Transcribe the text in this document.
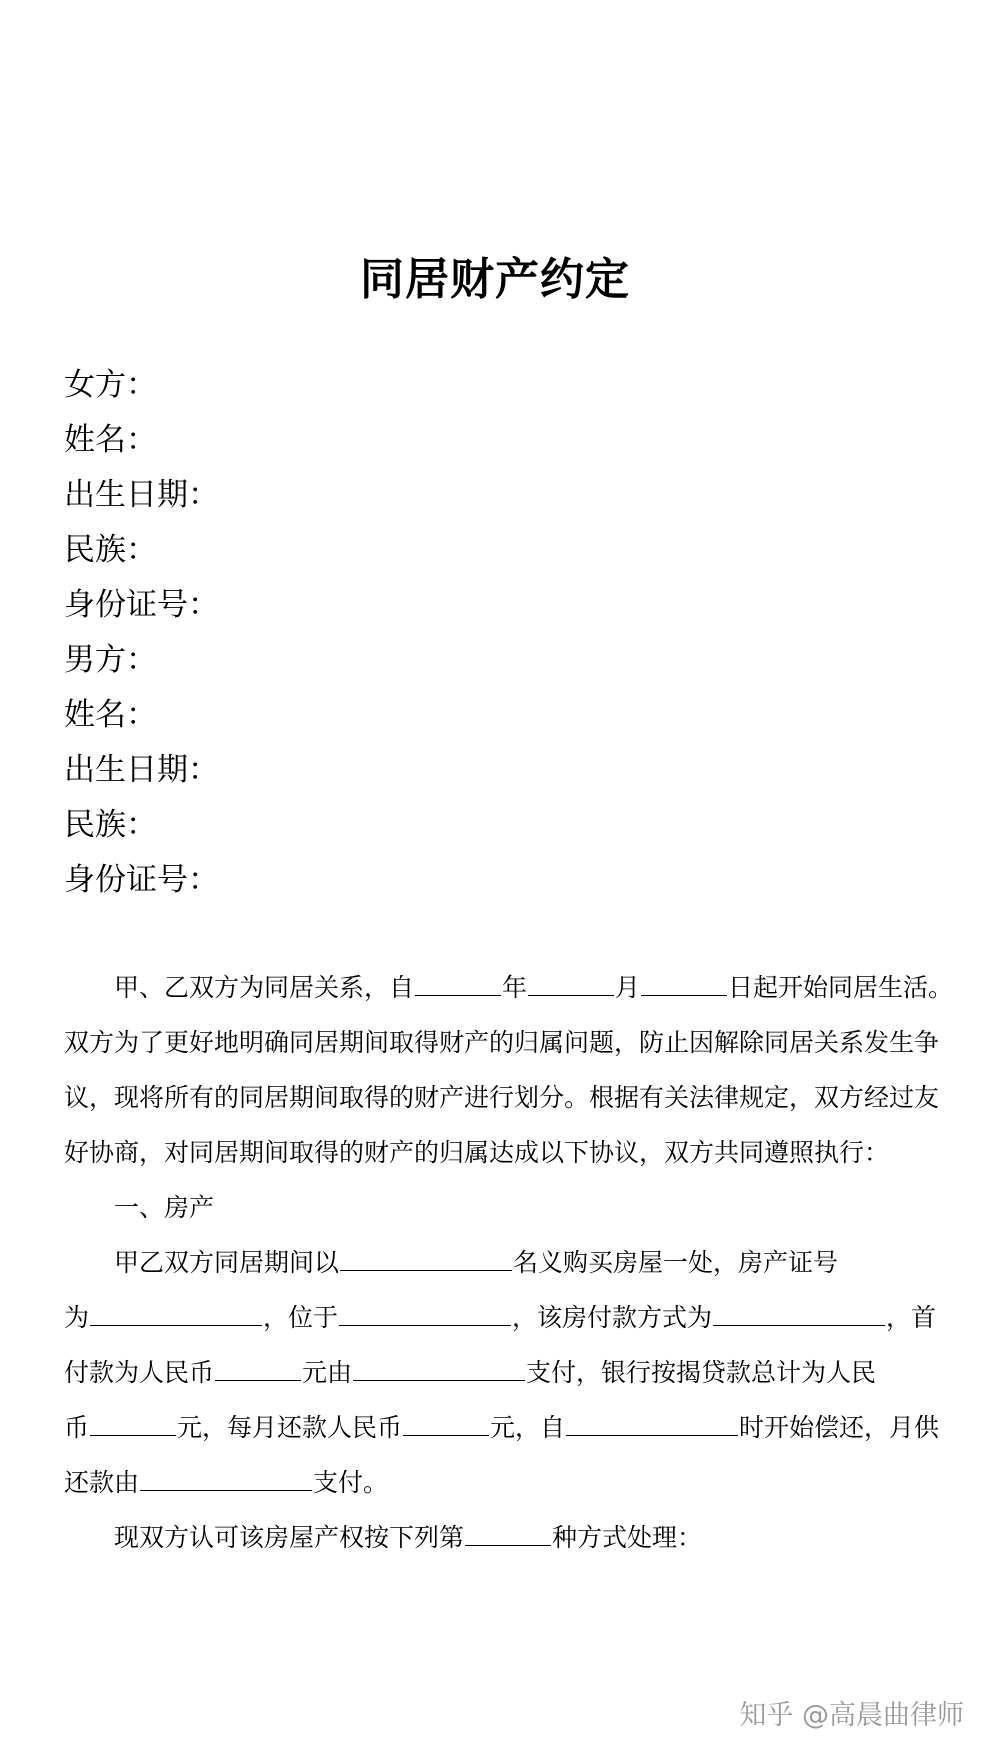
同居财产约定
女方：
姓名：
出生日期：
民族：
身份证号：
男方：
姓名：
出生日期：
民族：
身份证号：
甲、乙双方为同居关系，自	年	月	日起开始同居生活。
双方为了更好地明确同居期间取得财产的归属问题，防止因解除同居关系发生争
议，现将所有的同居期间取得的财产进行划分。根据有关法律规定，双方经过友
好协商，对同居期间取得的财产的归属达成以下协议，双方共同遵照执行：
一、房产
甲乙双方同居期间以	名义购买房屋一处，房产证号
为	，位于	，该房付款方式为	，首
付款为人民币	元由	支付，银行按揭贷款总计为人民
币	元，每月还款人民币	元，自	时开始偿还，月供
还款由	支付。
现双方认可该房屋产权按下列第	种方式处理：
知乎 @高晨曲律师
